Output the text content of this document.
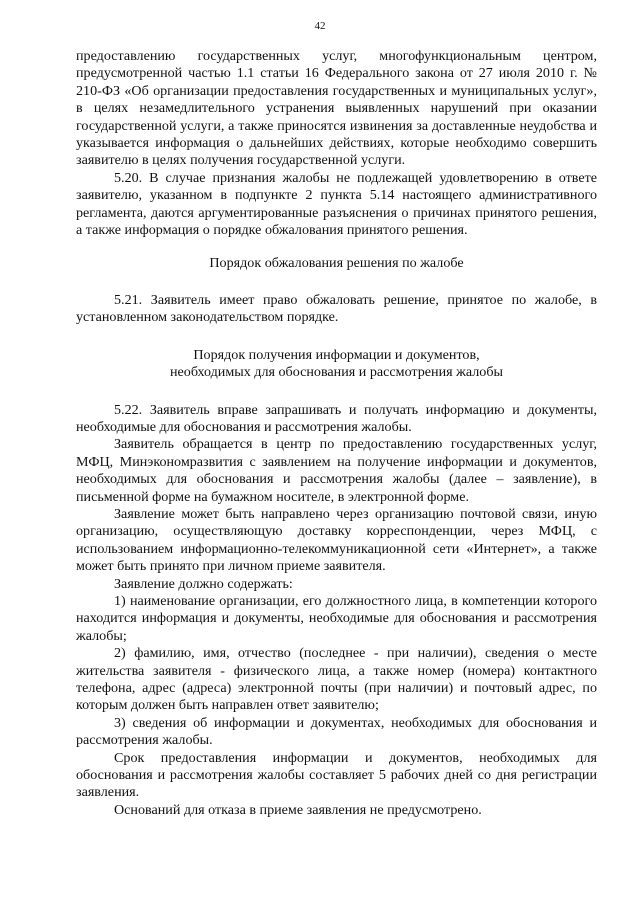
42

предоставлению государственных услуг, многофункциональным центром, предусмотренной частью 1.1 статьи 16 Федерального закона от 27 июля 2010 г. № 210-ФЗ «Об организации предоставления государственных и муниципальных услуг», в целях незамедлительного устранения выявленных нарушений при оказании государственной услуги, а также приносятся извинения за доставленные неудобства и указывается информация о дальнейших действиях, которые необходимо совершить заявителю в целях получения государственной услуги.

5.20. В случае признания жалобы не подлежащей удовлетворению в ответе заявителю, указанном в подпункте 2 пункта 5.14 настоящего административного регламента, даются аргументированные разъяснения о причинах принятого решения, а также информация о порядке обжалования принятого решения.

Порядок обжалования решения по жалобе

5.21. Заявитель имеет право обжаловать решение, принятое по жалобе, в установленном законодательством порядке.

Порядок получения информации и документов,
необходимых для обоснования и рассмотрения жалобы

5.22. Заявитель вправе запрашивать и получать информацию и документы, необходимые для обоснования и рассмотрения жалобы.

Заявитель обращается в центр по предоставлению государственных услуг, МФЦ, Минэкономразвития с заявлением на получение информации и документов, необходимых для обоснования и рассмотрения жалобы (далее – заявление), в письменной форме на бумажном носителе, в электронной форме.

Заявление может быть направлено через организацию почтовой связи, иную организацию, осуществляющую доставку корреспонденции, через МФЦ, с использованием информационно-телекоммуникационной сети «Интернет», а также может быть принято при личном приеме заявителя.

Заявление должно содержать:

1) наименование организации, его должностного лица, в компетенции которого находится информация и документы, необходимые для обоснования и рассмотрения жалобы;

2) фамилию, имя, отчество (последнее - при наличии), сведения о месте жительства заявителя - физического лица, а также номер (номера) контактного телефона, адрес (адреса) электронной почты (при наличии) и почтовый адрес, по которым должен быть направлен ответ заявителю;

3) сведения об информации и документах, необходимых для обоснования и рассмотрения жалобы.

Срок предоставления информации и документов, необходимых для обоснования и рассмотрения жалобы составляет 5 рабочих дней со дня регистрации заявления.

Оснований для отказа в приеме заявления не предусмотрено.
